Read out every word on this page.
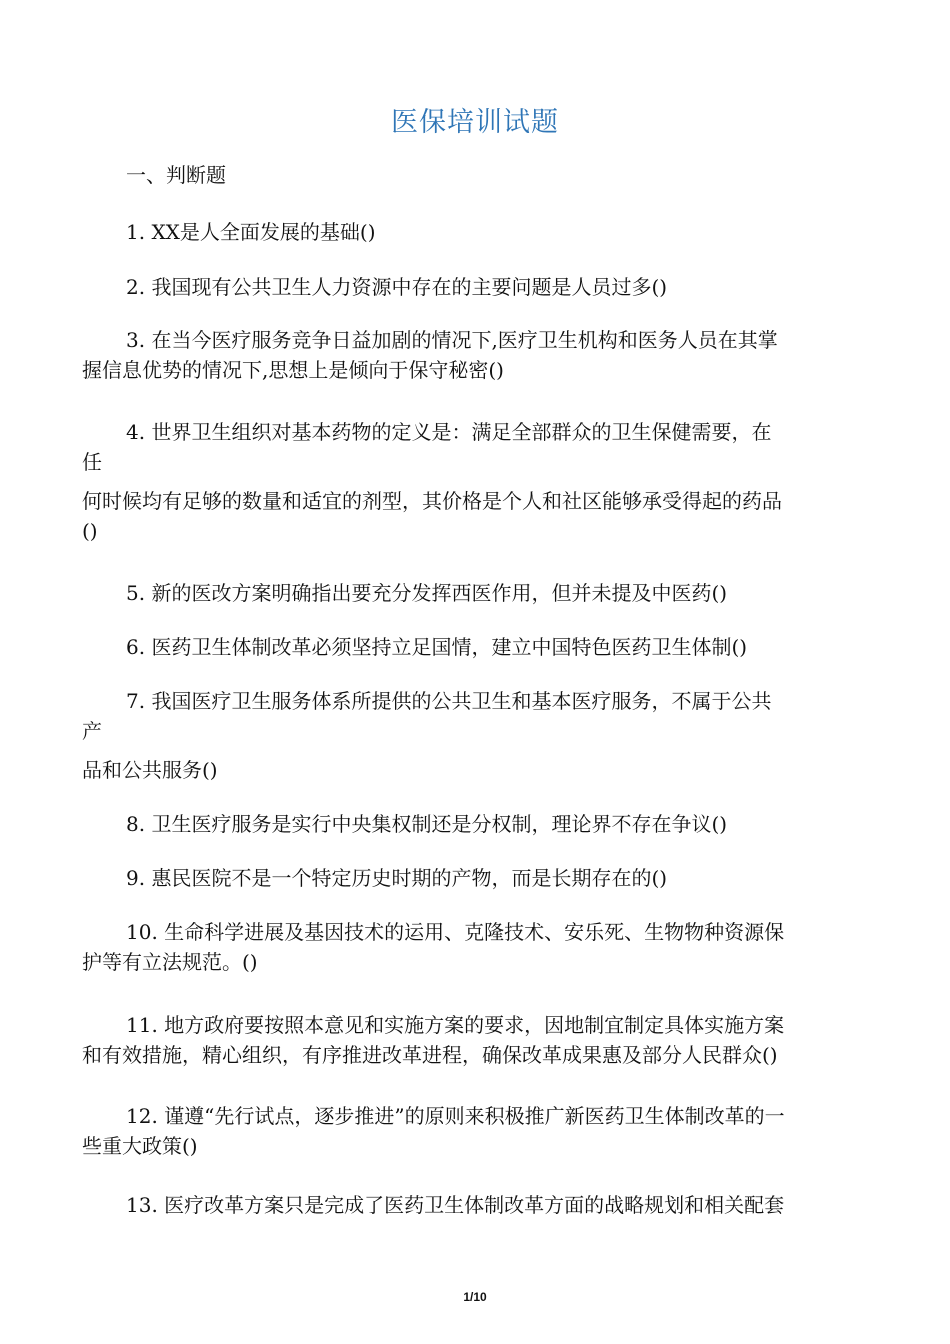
医保培训试题
一、判断题
1. XX是人全面发展的基础()
2. 我国现有公共卫生人力资源中存在的主要问题是人员过多()
3. 在当今医疗服务竞争日益加剧的情况下,医疗卫生机构和医务人员在其掌
握信息优势的情况下,思想上是倾向于保守秘密()
4. 世界卫生组织对基本药物的定义是：满足全部群众的卫生保健需要，在
任
何时候均有足够的数量和适宜的剂型，其价格是个人和社区能够承受得起的药品
()
5. 新的医改方案明确指出要充分发挥西医作用，但并未提及中医药()
6. 医药卫生体制改革必须坚持立足国情，建立中国特色医药卫生体制()
7. 我国医疗卫生服务体系所提供的公共卫生和基本医疗服务，不属于公共
产
品和公共服务()
8. 卫生医疗服务是实行中央集权制还是分权制，理论界不存在争议()
9. 惠民医院不是一个特定历史时期的产物，而是长期存在的()
10. 生命科学进展及基因技术的运用、克隆技术、安乐死、生物物种资源保
护等有立法规范。()
11. 地方政府要按照本意见和实施方案的要求，因地制宜制定具体实施方案
和有效措施，精心组织，有序推进改革进程，确保改革成果惠及部分人民群众()
12. 谨遵“先行试点，逐步推进”的原则来积极推广新医药卫生体制改革的一
些重大政策()
13. 医疗改革方案只是完成了医药卫生体制改革方面的战略规划和相关配套
1/10
